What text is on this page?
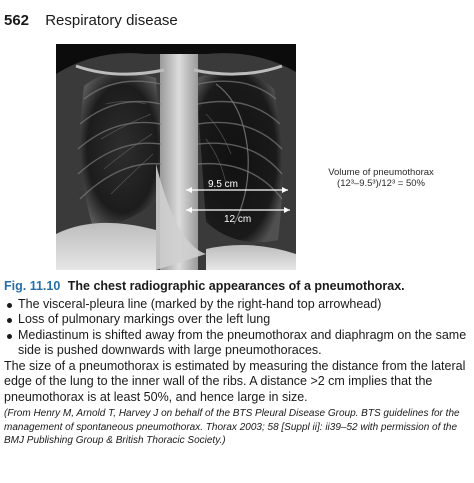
562 Respiratory disease
9.5 cm
12 cm
Volume of pneumothorax
(12³–9.5³)/12³ = 50%
Fig. 11.10 The chest radiographic appearances of a pneumothorax.
The visceral-pleura line (marked by the right-hand top arrowhead)
Loss of pulmonary markings over the left lung
Mediastinum is shifted away from the pneumothorax and diaphragm on the same side is pushed downwards with large pneumothoraces.

The size of a pneumothorax is estimated by measuring the distance from the lateral edge of the lung to the inner wall of the ribs. A distance >2 cm implies that the pneumothorax is at least 50%, and hence large in size.

(From Henry M, Arnold T, Harvey J on behalf of the BTS Pleural Disease Group. BTS guidelines for the management of spontaneous pneumothorax. Thorax 2003; 58 [Suppl ii]: ii39–52 with permission of the BMJ Publishing Group & British Thoracic Society.)
